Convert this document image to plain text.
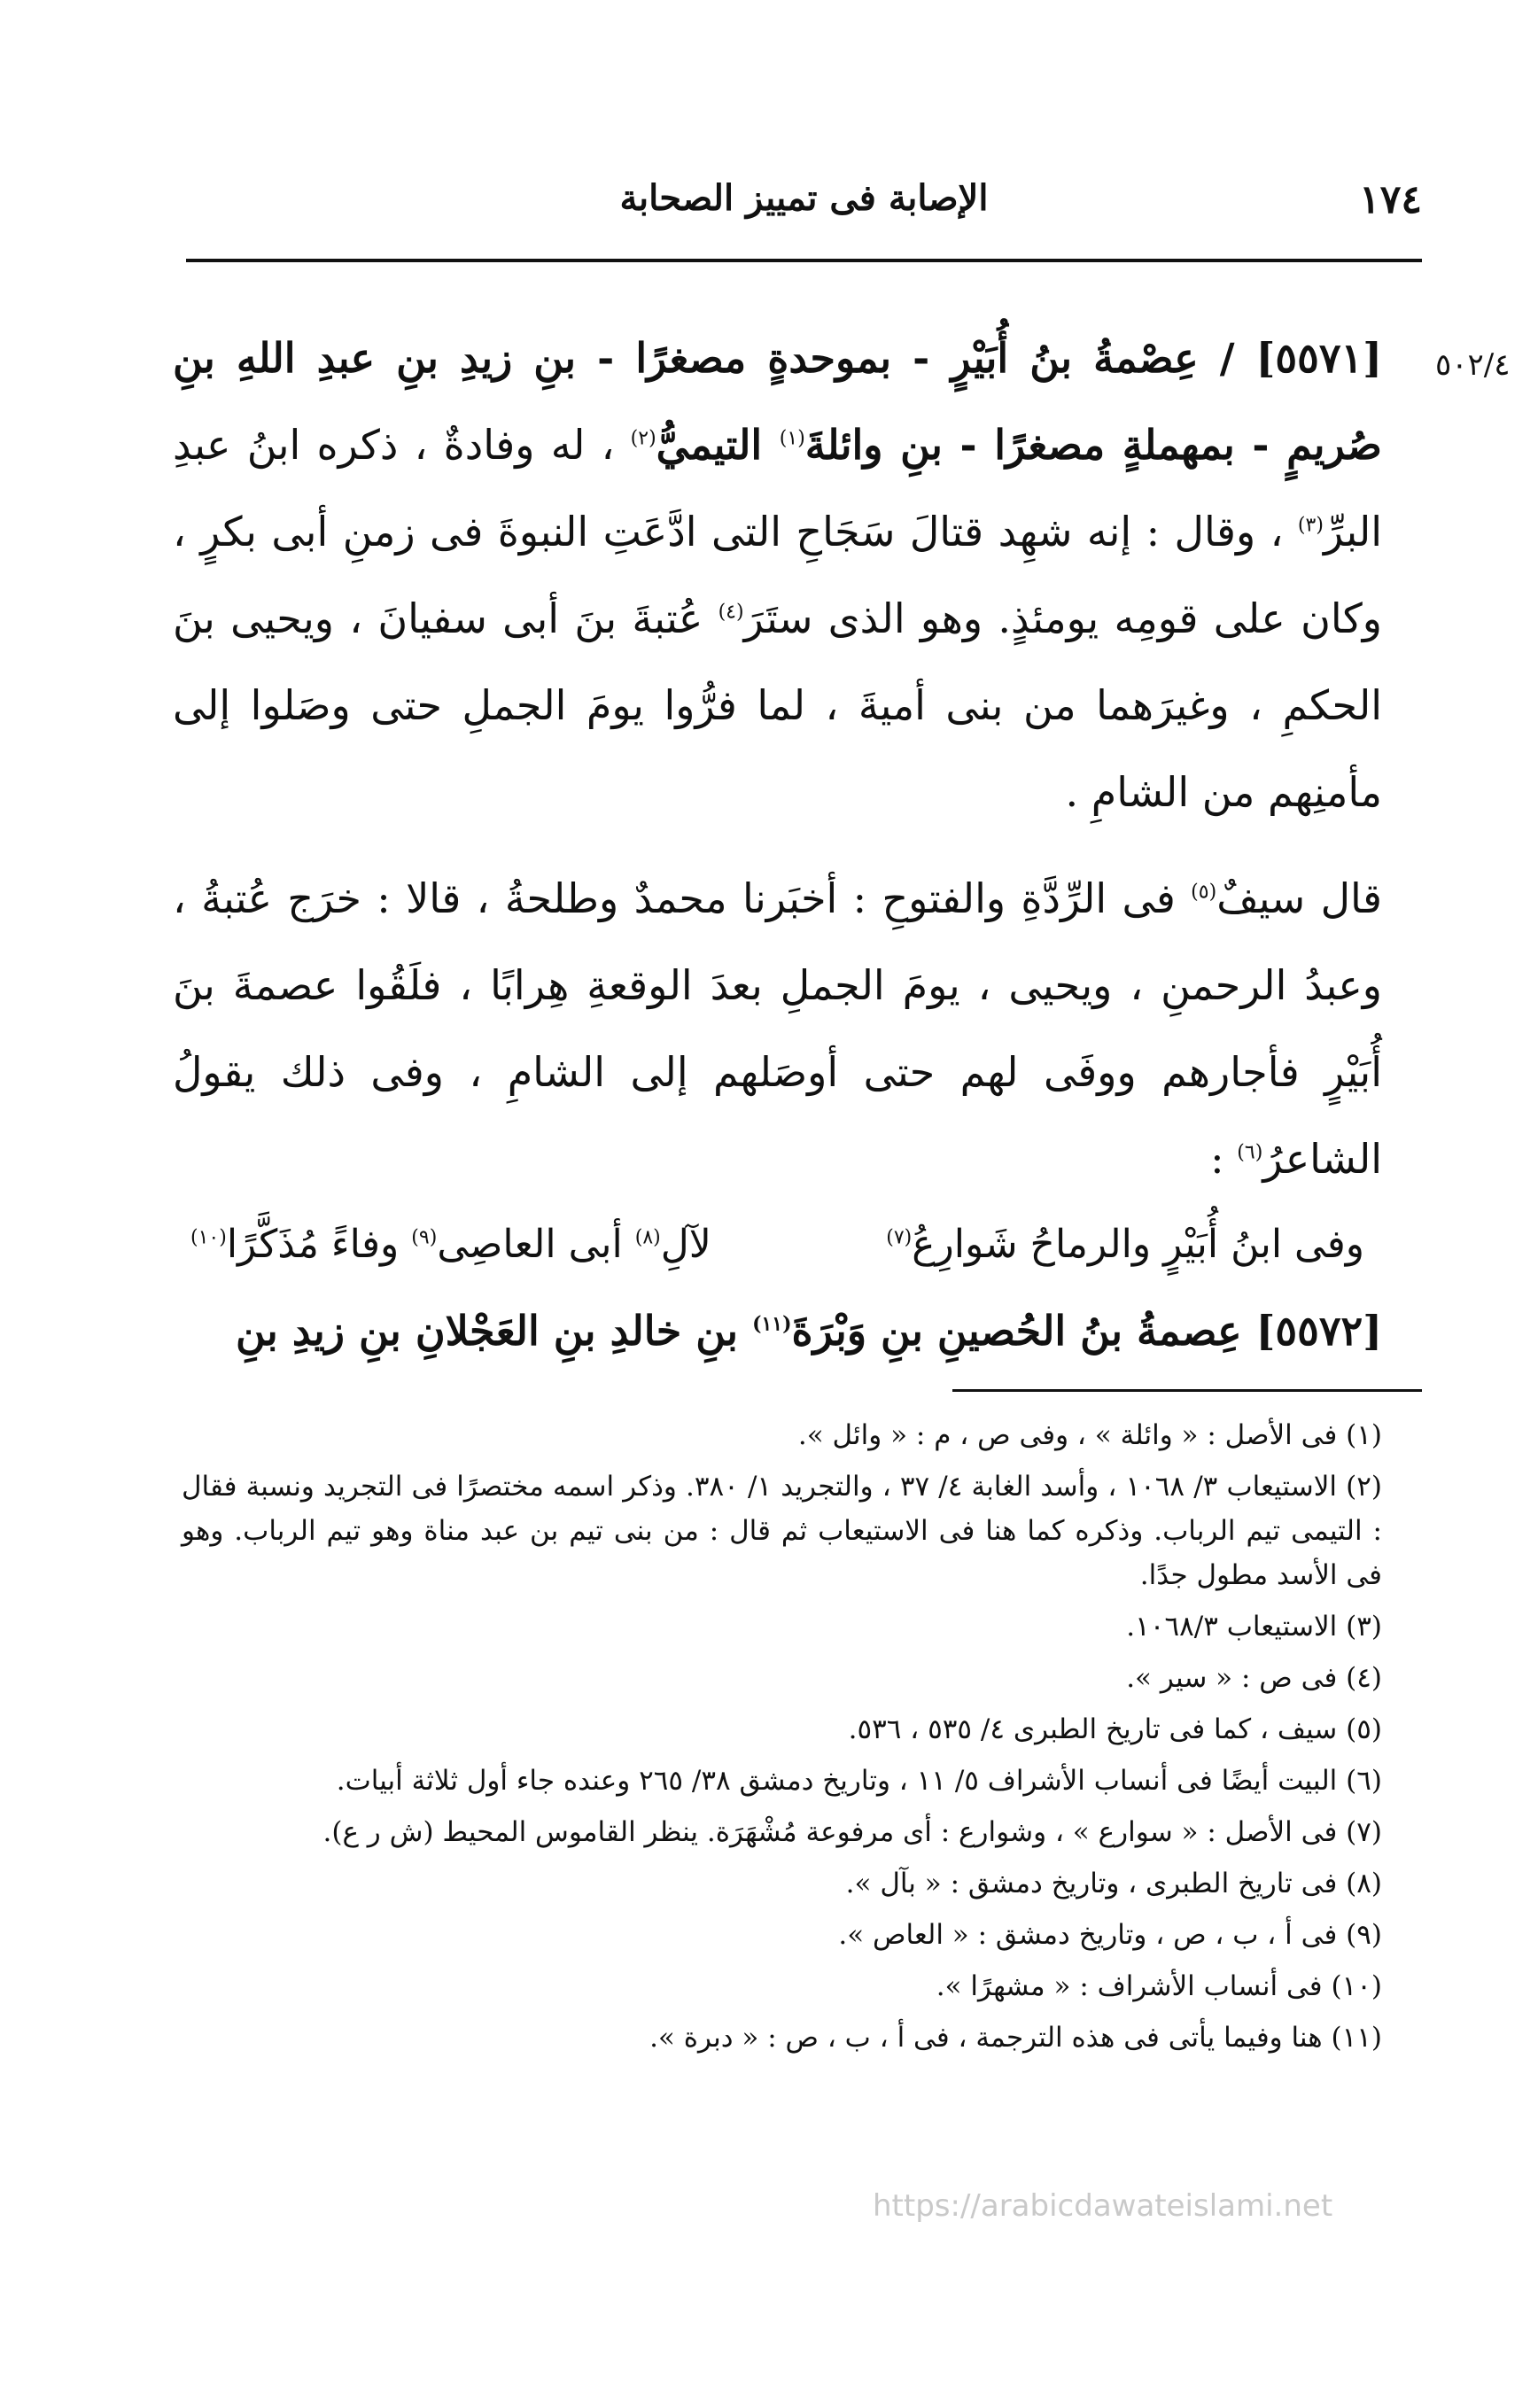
١٧٤
الإصابة فى تمييز الصحابة
٥٠٢/٤

[٥٥٧١] / عِصْمةُ بنُ أُبَيْرٍ - بموحدةٍ مصغرًا - بنِ زيدِ بنِ عبدِ اللهِ بنِ صُريمٍ - بمهملةٍ مصغرًا - بنِ وائلةَ$^{(١)}$ التيميُّ$^{(٢)}$ ، له وفادةٌ ، ذكره ابنُ عبدِ البرِّ$^{(٣)}$ ، وقال : إنه شهِد قتالَ سَجَاحِ التى ادَّعَتِ النبوةَ فى زمنِ أبى بكرٍ ، وكان على قومِه يومئذٍ. وهو الذى ستَرَ$^{(٤)}$ عُتبةَ بنَ أبى سفيانَ ، ويحيى بنَ الحكمِ ، وغيرَهما من بنى أميةَ ، لما فرُّوا يومَ الجملِ حتى وصَلوا إلى مأمنِهم من الشامِ .

قال سيفٌ$^{(٥)}$ فى الرِّدَّةِ والفتوحِ : أخبَرنا محمدٌ وطلحةُ ، قالا : خرَج عُتبةُ ، وعبدُ الرحمنِ ، ويحيى ، يومَ الجملِ بعدَ الوقعةِ هِرابًا ، فلَقُوا عصمةَ بنَ أُبَيْرٍ فأجارهم ووفَى لهم حتى أوصَلهم إلى الشامِ ، وفى ذلك يقولُ الشاعرُ$^{(٦)}$ :

وفى ابنُ أُبَيْرٍ والرماحُ شَوارِعُ$^{(٧)}$
لآلِ$^{(٨)}$ أبى العاصِى$^{(٩)}$ وفاءً مُذَكَّرًا$^{(١٠)}$

[٥٥٧٢] عِصمةُ بنُ الحُصينِ بنِ وَبْرَةَ$^{(١١)}$ بنِ خالدِ بنِ العَجْلانِ بنِ زيدِ بنِ

(١) فى الأصل : « وائلة » ، وفى ص ، م : « وائل ».

(٢) الاستيعاب ٣/ ١٠٦٨ ، وأسد الغابة ٤/ ٣٧ ، والتجريد ١/ ٣٨٠. وذكر اسمه مختصرًا فى التجريد ونسبة فقال : التيمى تيم الرباب. وذكره كما هنا فى الاستيعاب ثم قال : من بنى تيم بن عبد مناة وهو تيم الرباب. وهو فى الأسد مطول جدًا.

(٣) الاستيعاب ١٠٦٨/٣.

(٤) فى ص : « سير ».

(٥) سيف ، كما فى تاريخ الطبرى ٤/ ٥٣٥ ، ٥٣٦.

(٦) البيت أيضًا فى أنساب الأشراف ٥/ ١١ ، وتاريخ دمشق ٣٨/ ٢٦٥ وعنده جاء أول ثلاثة أبيات.

(٧) فى الأصل : « سوارع » ، وشوارع : أى مرفوعة مُشْهَرَة. ينظر القاموس المحيط (ش ر ع).

(٨) فى تاريخ الطبرى ، وتاريخ دمشق : « بآل ».

(٩) فى أ ، ب ، ص ، وتاريخ دمشق : « العاص ».

(١٠) فى أنساب الأشراف : « مشهرًا ».

(١١) هنا وفيما يأتى فى هذه الترجمة ، فى أ ، ب ، ص : « دبرة ».

https://arabicdawateislami.net
